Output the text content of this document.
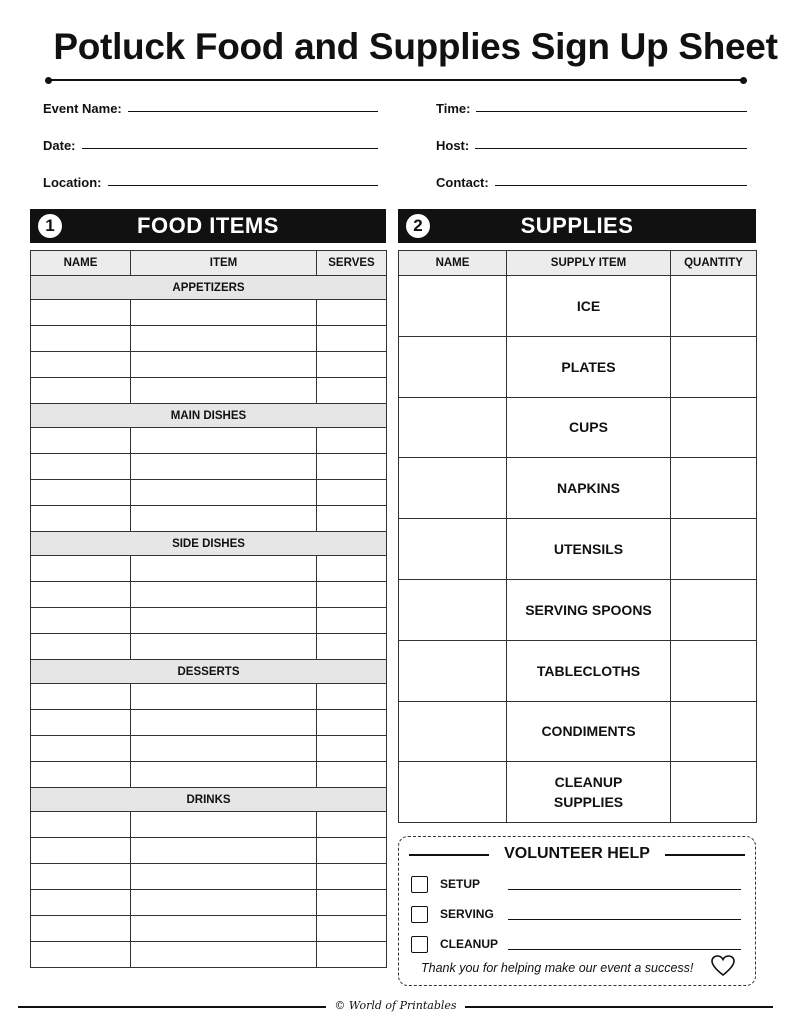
Potluck Food and Supplies Sign Up Sheet
Event Name:
Date:
Location:
Time:
Host:
Contact:
FOOD ITEMS
1	SUPPLIES
2
NAME	ITEM	SERVES
APPETIZERS		

MAIN DISHES		

SIDE DISHES		

DESSERTS		

DRINKS		

NAME	SUPPLY ITEM	QUANTITY
	ICE	
	PLATES	
	CUPS	
	NAPKINS	
	UTENSILS	
	SERVING SPOONS	
	TABLECLOTHS	
	CONDIMENTS	
	CLEANUP
SUPPLIES	
VOLUNTEER HELP
SETUP
SERVING
CLEANUP
Thank you for helping make our event a success!
© World of Printables
